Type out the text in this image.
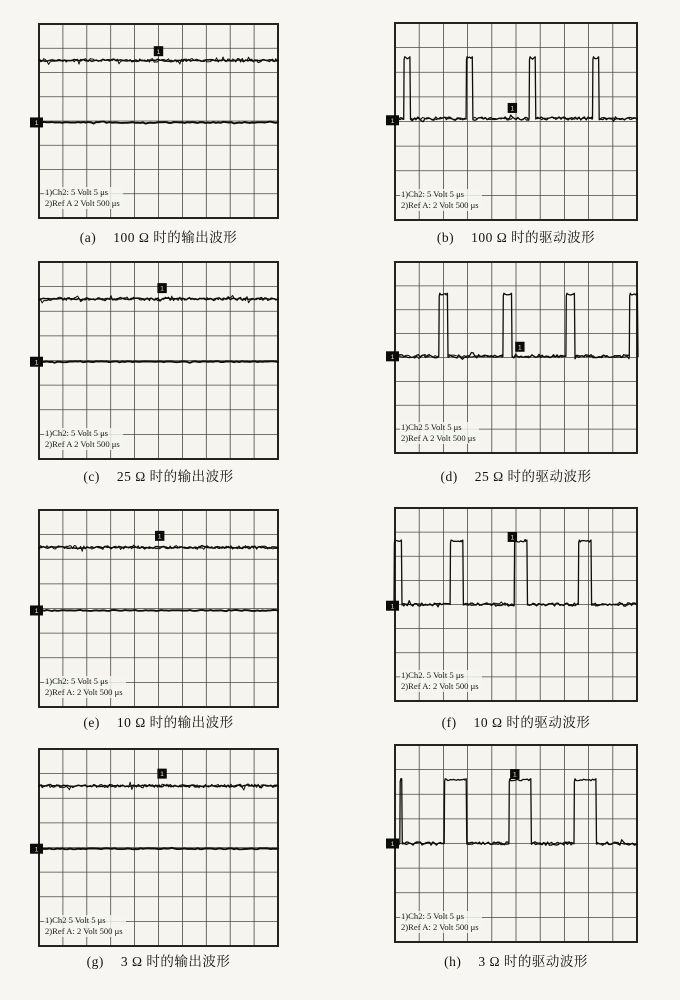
1
1
1)Ch2: 5 Volt 5 μs
2)Ref A 2 Volt 500 μs
(a) 100 Ω 时的输出波形
1
1
1)Ch2: 5 Volt 5 μs
2)Ref A: 2 Volt 500 μs
(b) 100 Ω 时的驱动波形
1
1
1)Ch2: 5 Volt 5 μs
2)Ref A 2 Volt 500 μs
(c) 25 Ω 时的输出波形
1
1
1)Ch2 5 Volt 5 μs
2)Ref A 2 Volt 500 μs
(d) 25 Ω 时的驱动波形
1
1
1)Ch2: 5 Volt 5 μs
2)Ref A: 2 Volt 500 μs
(e) 10 Ω 时的输出波形
1
1
1)Ch2. 5 Volt 5 μs
2)Ref A: 2 Volt 500 μs
(f) 10 Ω 时的驱动波形
1
1
1)Ch2 5 Volt 5 μs
2)Ref A: 2 Volt 500 μs
(g) 3 Ω 时的输出波形
1
1
1)Ch2: 5 Volt 5 μs
2)Ref A: 2 Volt 500 μs
(h) 3 Ω 时的驱动波形
